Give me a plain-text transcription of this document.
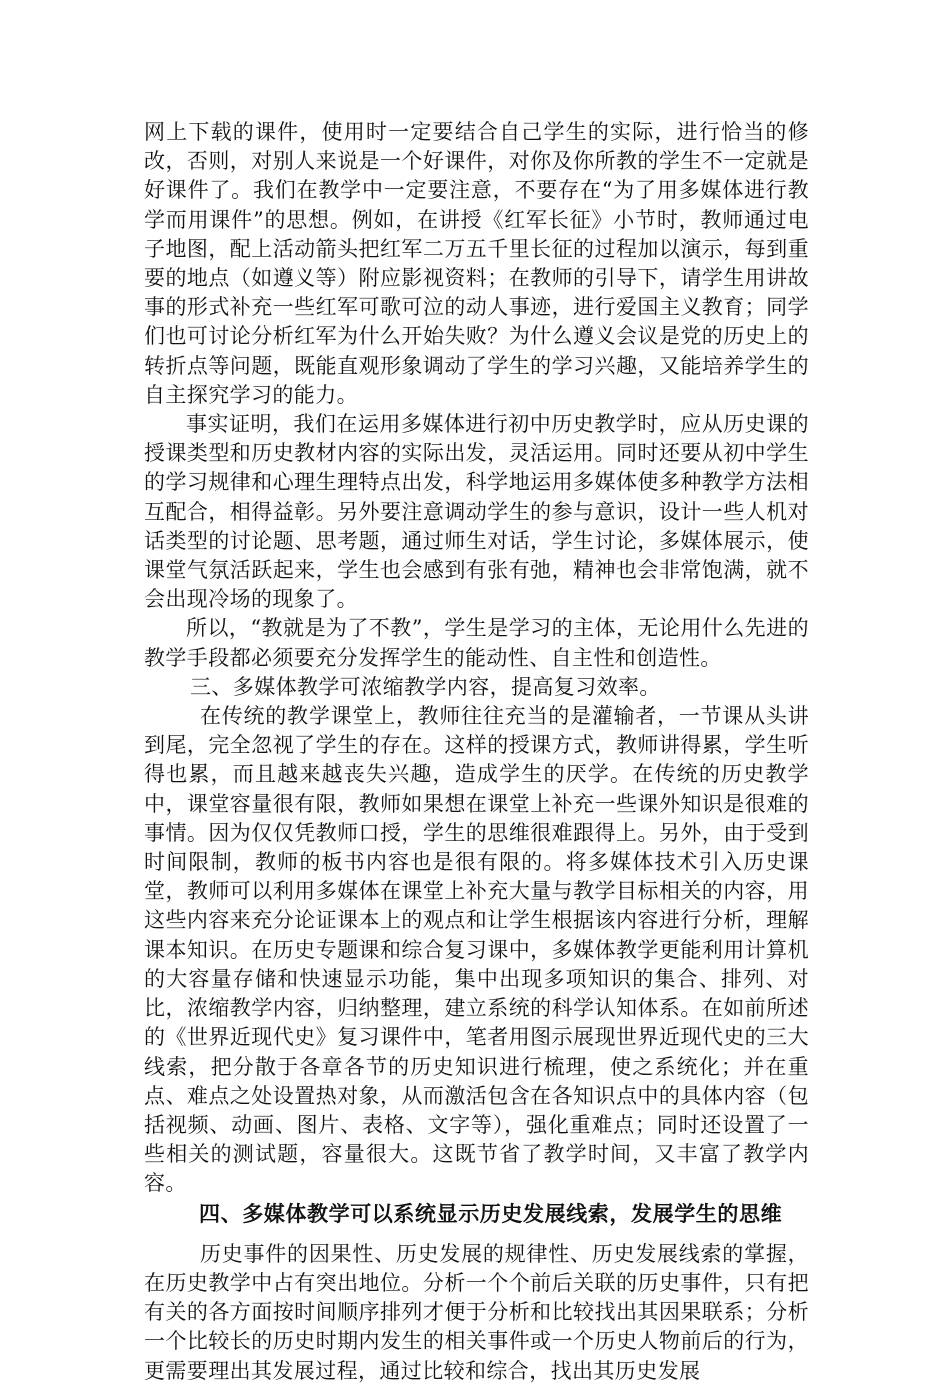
网上下载的课件，使用时一定要结合自己学生的实际，进行恰当的修改，否则，对别人来说是一个好课件，对你及你所教的学生不一定就是好课件了。我们在教学中一定要注意，不要存在“为了用多媒体进行教学而用课件”的思想。例如，在讲授《红军长征》小节时，教师通过电子地图，配上活动箭头把红军二万五千里长征的过程加以演示，每到重要的地点（如遵义等）附应影视资料；在教师的引导下，请学生用讲故事的形式补充一些红军可歌可泣的动人事迹，进行爱国主义教育；同学们也可讨论分析红军为什么开始失败？为什么遵义会议是党的历史上的转折点等问题，既能直观形象调动了学生的学习兴趣，又能培养学生的自主探究学习的能力。

事实证明，我们在运用多媒体进行初中历史教学时，应从历史课的授课类型和历史教材内容的实际出发，灵活运用。同时还要从初中学生的学习规律和心理生理特点出发，科学地运用多媒体使多种教学方法相互配合，相得益彰。另外要注意调动学生的参与意识，设计一些人机对话类型的讨论题、思考题，通过师生对话，学生讨论，多媒体展示，使课堂气氛活跃起来，学生也会感到有张有弛，精神也会非常饱满，就不会出现冷场的现象了。

所以，“教就是为了不教”，学生是学习的主体，无论用什么先进的教学手段都必须要充分发挥学生的能动性、自主性和创造性。

三、多媒体教学可浓缩教学内容，提高复习效率。

在传统的教学课堂上，教师往往充当的是灌输者，一节课从头讲到尾，完全忽视了学生的存在。这样的授课方式，教师讲得累，学生听得也累，而且越来越丧失兴趣，造成学生的厌学。在传统的历史教学中，课堂容量很有限，教师如果想在课堂上补充一些课外知识是很难的事情。因为仅仅凭教师口授，学生的思维很难跟得上。另外，由于受到时间限制，教师的板书内容也是很有限的。将多媒体技术引入历史课堂，教师可以利用多媒体在课堂上补充大量与教学目标相关的内容，用这些内容来充分论证课本上的观点和让学生根据该内容进行分析，理解课本知识。在历史专题课和综合复习课中，多媒体教学更能利用计算机的大容量存储和快速显示功能，集中出现多项知识的集合、排列、对比，浓缩教学内容，归纳整理，建立系统的科学认知体系。在如前所述的《世界近现代史》复习课件中，笔者用图示展现世界近现代史的三大线索，把分散于各章各节的历史知识进行梳理，使之系统化；并在重点、难点之处设置热对象，从而激活包含在各知识点中的具体内容（包括视频、动画、图片、表格、文字等），强化重难点；同时还设置了一些相关的测试题，容量很大。这既节省了教学时间，又丰富了教学内容。

四、多媒体教学可以系统显示历史发展线索，发展学生的思维

历史事件的因果性、历史发展的规律性、历史发展线索的掌握，在历史教学中占有突出地位。分析一个个前后关联的历史事件，只有把有关的各方面按时间顺序排列才便于分析和比较找出其因果联系；分析一个比较长的历史时期内发生的相关事件或一个历史人物前后的行为，更需要理出其发展过程，通过比较和综合，找出其历史发展
